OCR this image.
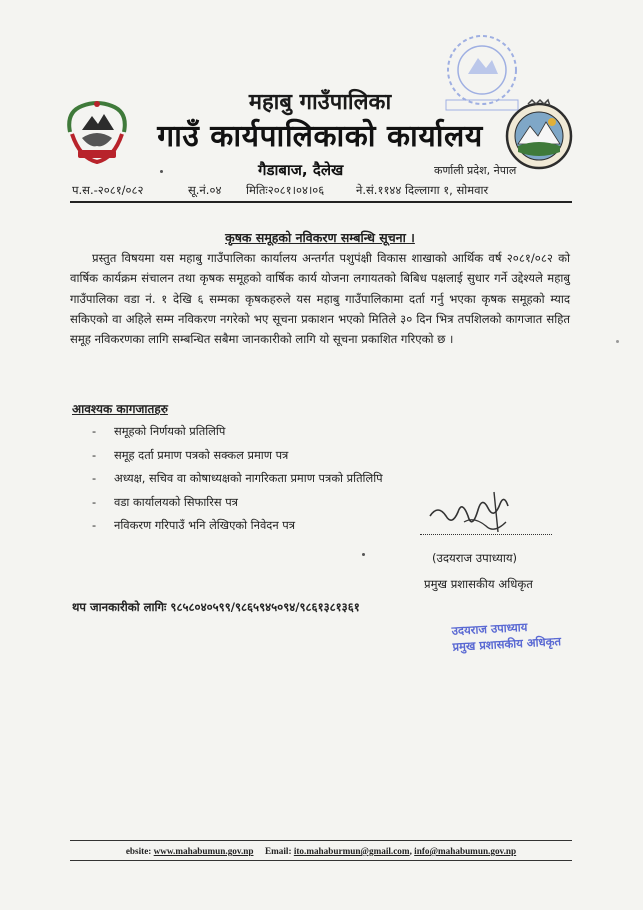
महाबु गाउँपालिका
गाउँ कार्यपालिकाको कार्यालय
गैडाबाज, दैलेख	कर्णाली प्रदेश, नेपाल
प.स.-२०८१/०८२	सू.नं.०४ मितिः२०८१।०४।०६	ने.सं.११४४ दिल्लागा १, सोमवार
कृषक समूहको नविकरण सम्बन्धि सूचना ।
प्रस्तुत विषयमा यस महाबु गाउँपालिका कार्यालय अन्तर्गत पशुपंक्षी विकास शाखाको आर्थिक वर्ष २०८१/०८२ को वार्षिक कार्यक्रम संचालन तथा कृषक समूहको वार्षिक कार्य योजना लगायतको बिबिध पक्षलाई सुधार गर्ने उद्देश्यले महाबु गाउँपालिका वडा नं. १ देखि ६ सम्मका कृषकहरुले यस महाबु गाउँपालिकामा दर्ता गर्नु भएका कृषक समूहको म्याद सकिएको वा अहिले सम्म नविकरण नगरेको भए सूचना प्रकाशन भएको मितिले ३० दिन भित्र तपशिलको कागजात सहित समूह नविकरणका लागि सम्बन्धित सबैमा जानकारीको लागि यो सूचना प्रकाशित गरिएको छ ।
आवश्यक कागजातहरु
- समूहको निर्णयको प्रतिलिपि
- समूह दर्ता प्रमाण पत्रको सक्कल प्रमाण पत्र
- अध्यक्ष, सचिव वा कोषाध्यक्षको नागरिकता प्रमाण पत्रको प्रतिलिपि
- वडा कार्यालयको सिफारिस पत्र
- नविकरण गरिपाउँ भनि लेखिएको निवेदन पत्र
(उदयराज उपाध्याय)
प्रमुख प्रशासकीय अधिकृत
थप जानकारीको लागिः ९८५८०४०५९९/९८६५९४५०९४/९८६१३८१३६१
उदयराज उपाध्याय
प्रमुख प्रशासकीय अधिकृत
ebsite: www.mahabumun.gov.np Email: ito.mahaburmun@gmail.com, info@mahabumun.gov.np
